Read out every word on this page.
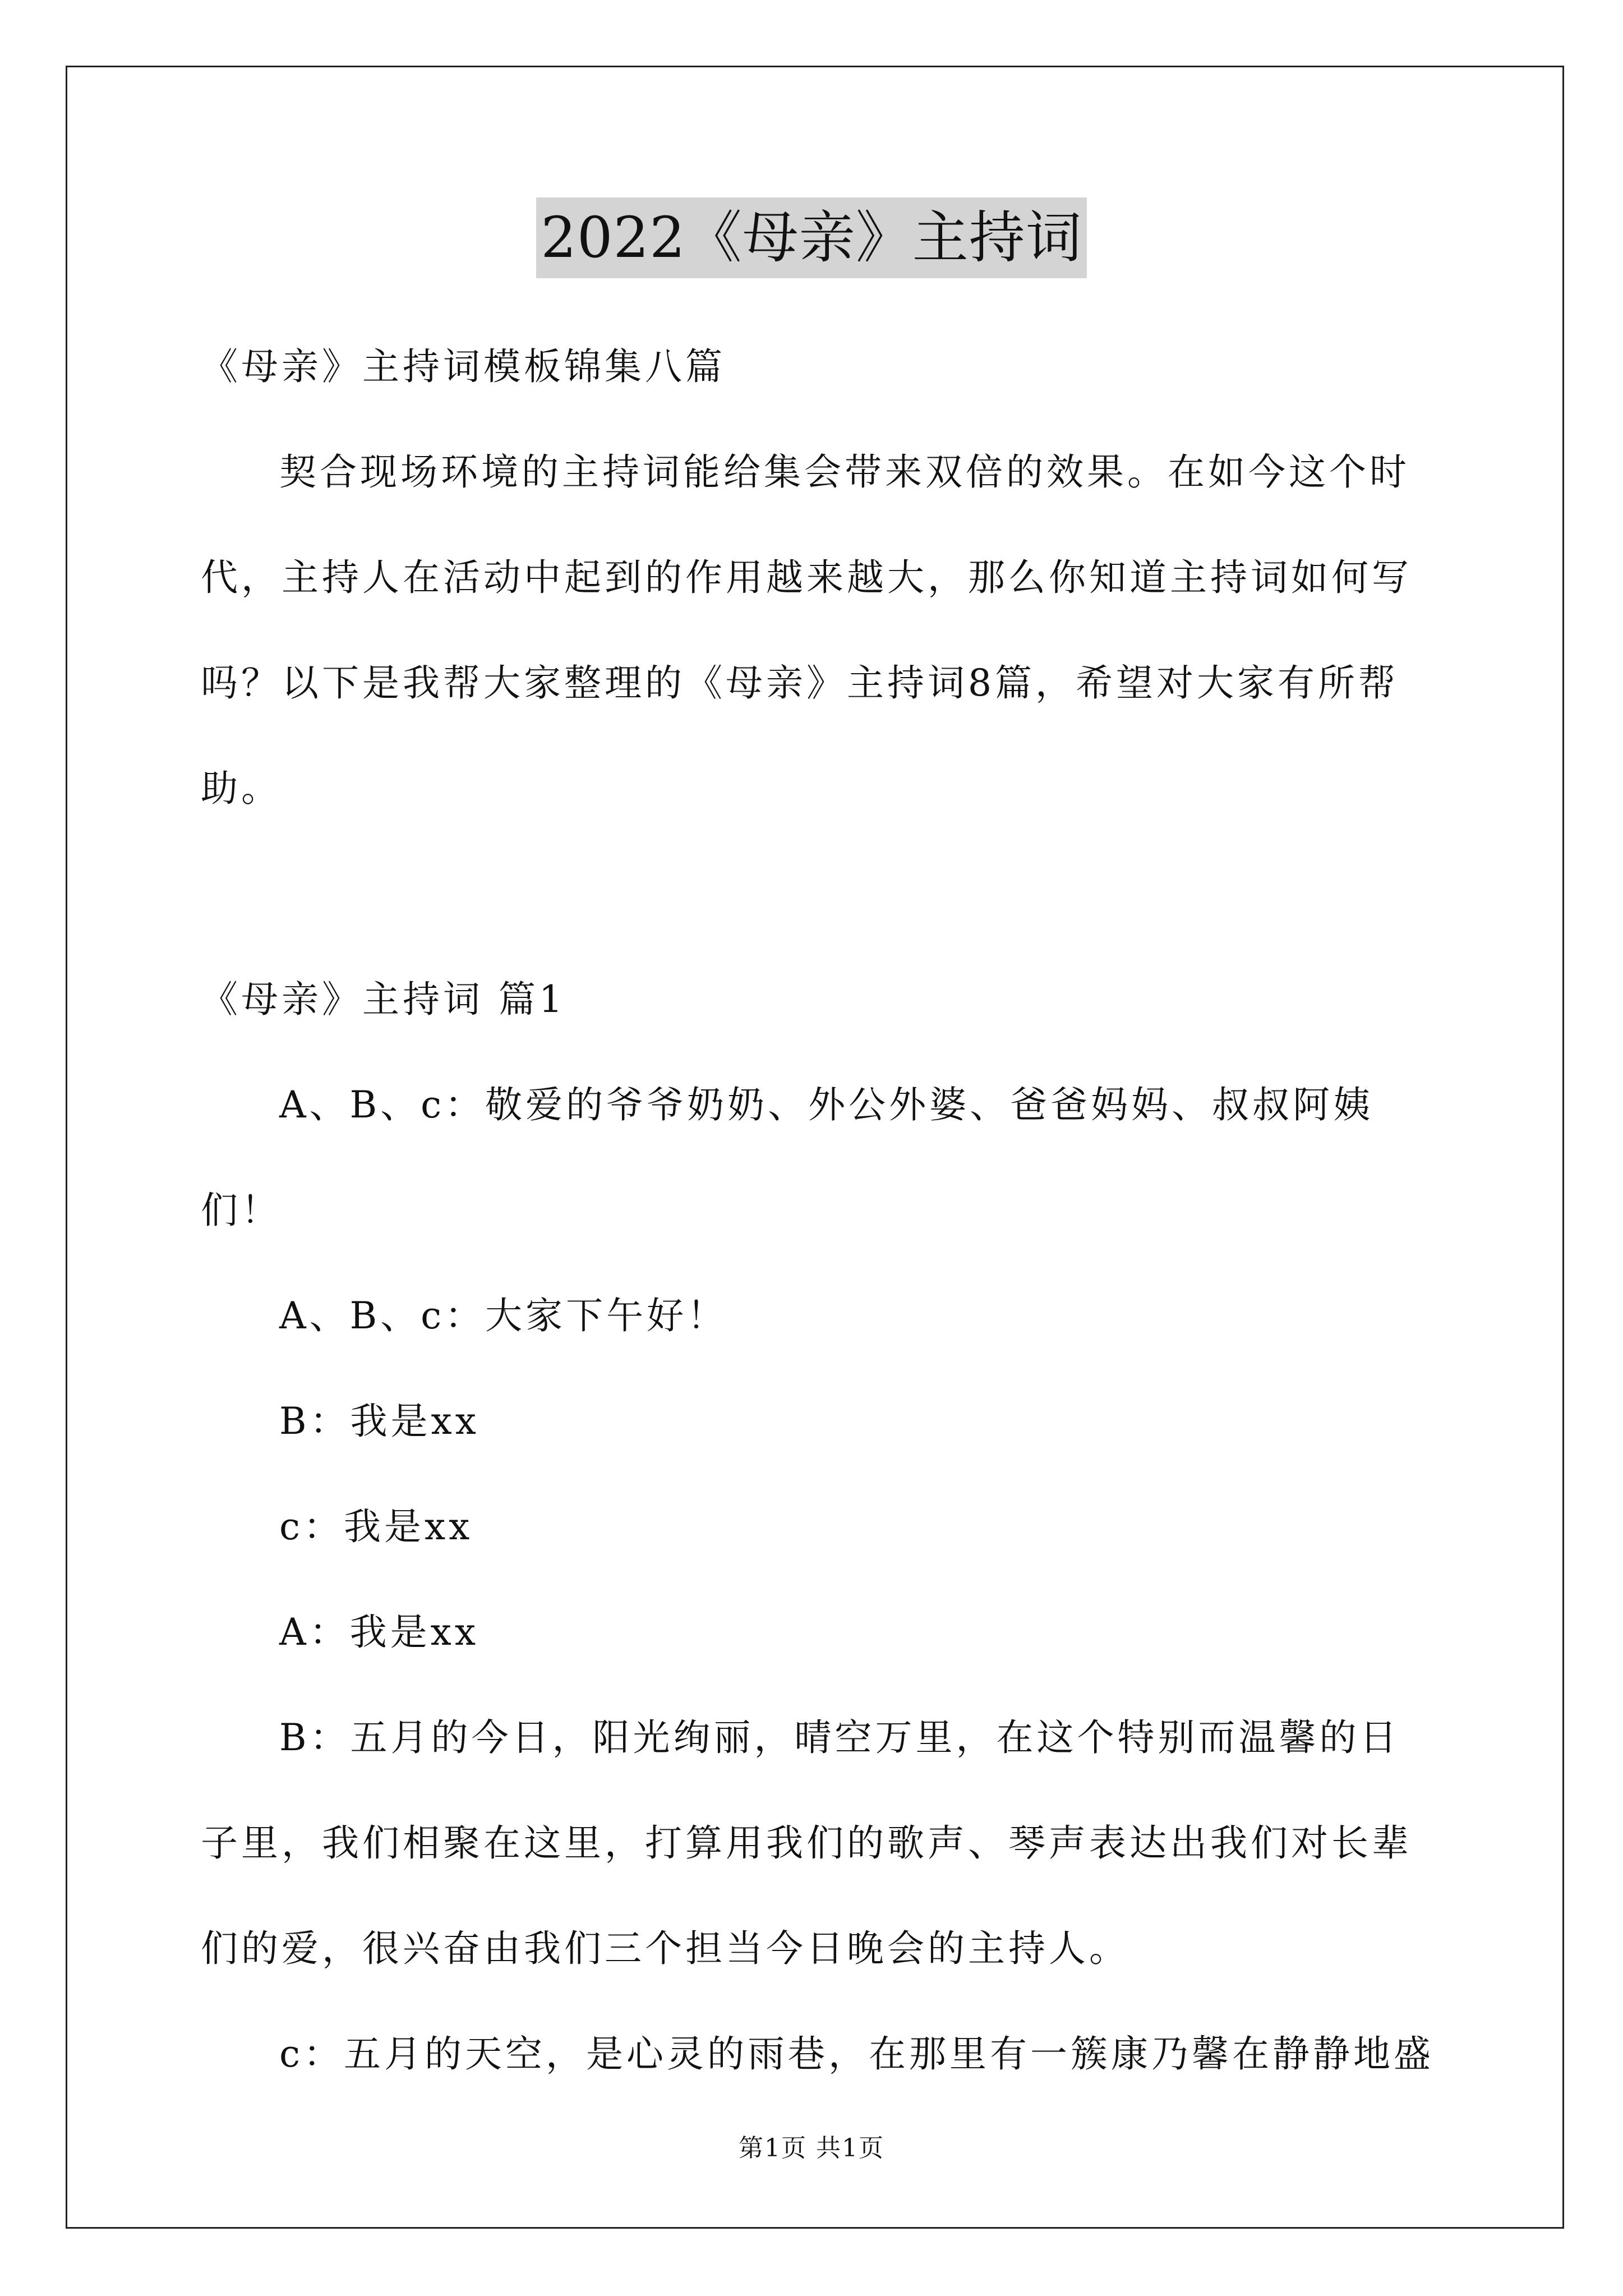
2022《母亲》主持词

《母亲》主持词模板锦集八篇

契合现场环境的主持词能给集会带来双倍的效果。在如今这个时代，主持人在活动中起到的作用越来越大，那么你知道主持词如何写吗？以下是我帮大家整理的《母亲》主持词8篇，希望对大家有所帮助。

《母亲》主持词 篇1

A、B、c：敬爱的爷爷奶奶、外公外婆、爸爸妈妈、叔叔阿姨们！

A、B、c：大家下午好！

B：我是xx

c：我是xx

A：我是xx

B：五月的今日，阳光绚丽，晴空万里，在这个特别而温馨的日子里，我们相聚在这里，打算用我们的歌声、琴声表达出我们对长辈们的爱，很兴奋由我们三个担当今日晚会的主持人。

c：五月的天空，是心灵的雨巷，在那里有一簇康乃馨在静静地盛

第1页 共1页
